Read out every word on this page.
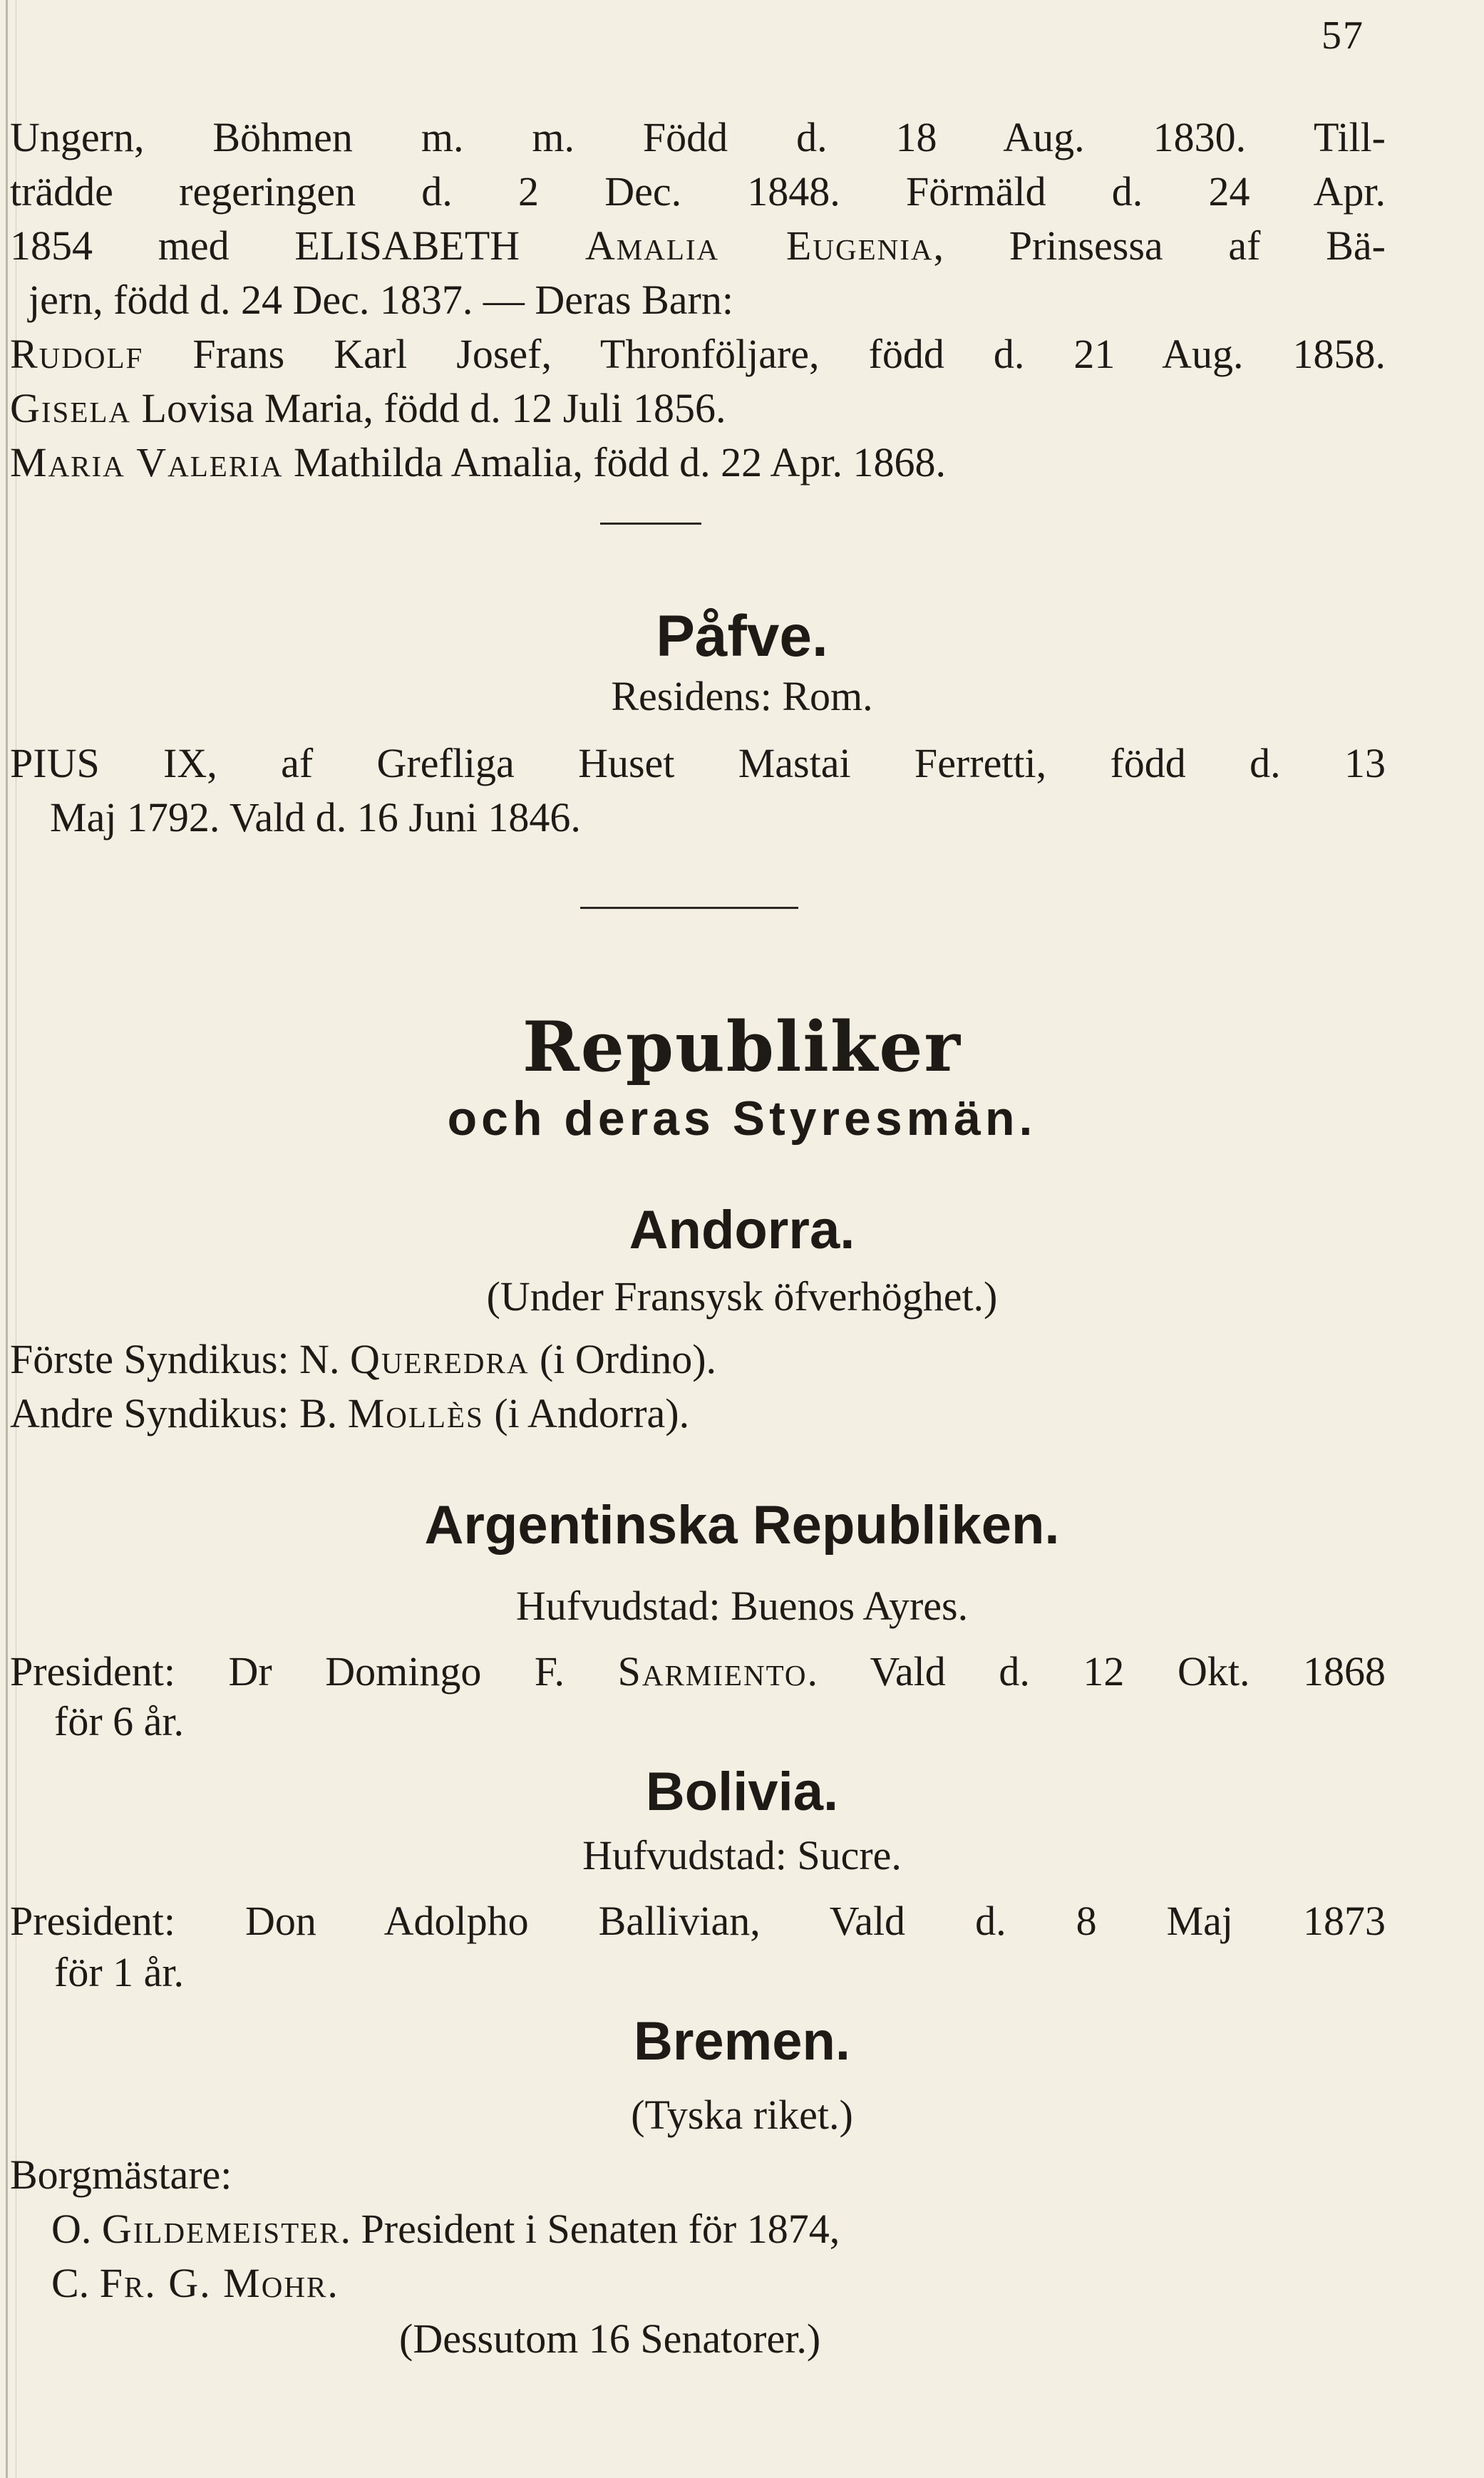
57
Ungern, Böhmen m. m. Född d. 18 Aug. 1830. Till-
trädde regeringen d. 2 Dec. 1848. Förmäld d. 24 Apr.
1854 med ELISABETH Amalia Eugenia, Prinsessa af Bä-
jern, född d. 24 Dec. 1837. — Deras Barn:
Rudolf Frans Karl Josef, Thronföljare, född d. 21 Aug. 1858.
Gisela Lovisa Maria, född d. 12 Juli 1856.
Maria Valeria Mathilda Amalia, född d. 22 Apr. 1868.
Påfve.
Residens: Rom.
PIUS IX, af Grefliga Huset Mastai Ferretti, född d. 13
Maj 1792. Vald d. 16 Juni 1846.
Republiker
och deras Styresmän.
Andorra.
(Under Fransysk öfverhöghet.)
Förste Syndikus: N. Queredra (i Ordino).
Andre Syndikus: B. Mollès (i Andorra).
Argentinska Republiken.
Hufvudstad: Buenos Ayres.
President: Dr Domingo F. Sarmiento. Vald d. 12 Okt. 1868
för 6 år.
Bolivia.
Hufvudstad: Sucre.
President: Don Adolpho Ballivian, Vald d. 8 Maj 1873
för 1 år.
Bremen.
(Tyska riket.)
Borgmästare:
O. Gildemeister. President i Senaten för 1874,
C. Fr. G. Mohr.
(Dessutom 16 Senatorer.)
